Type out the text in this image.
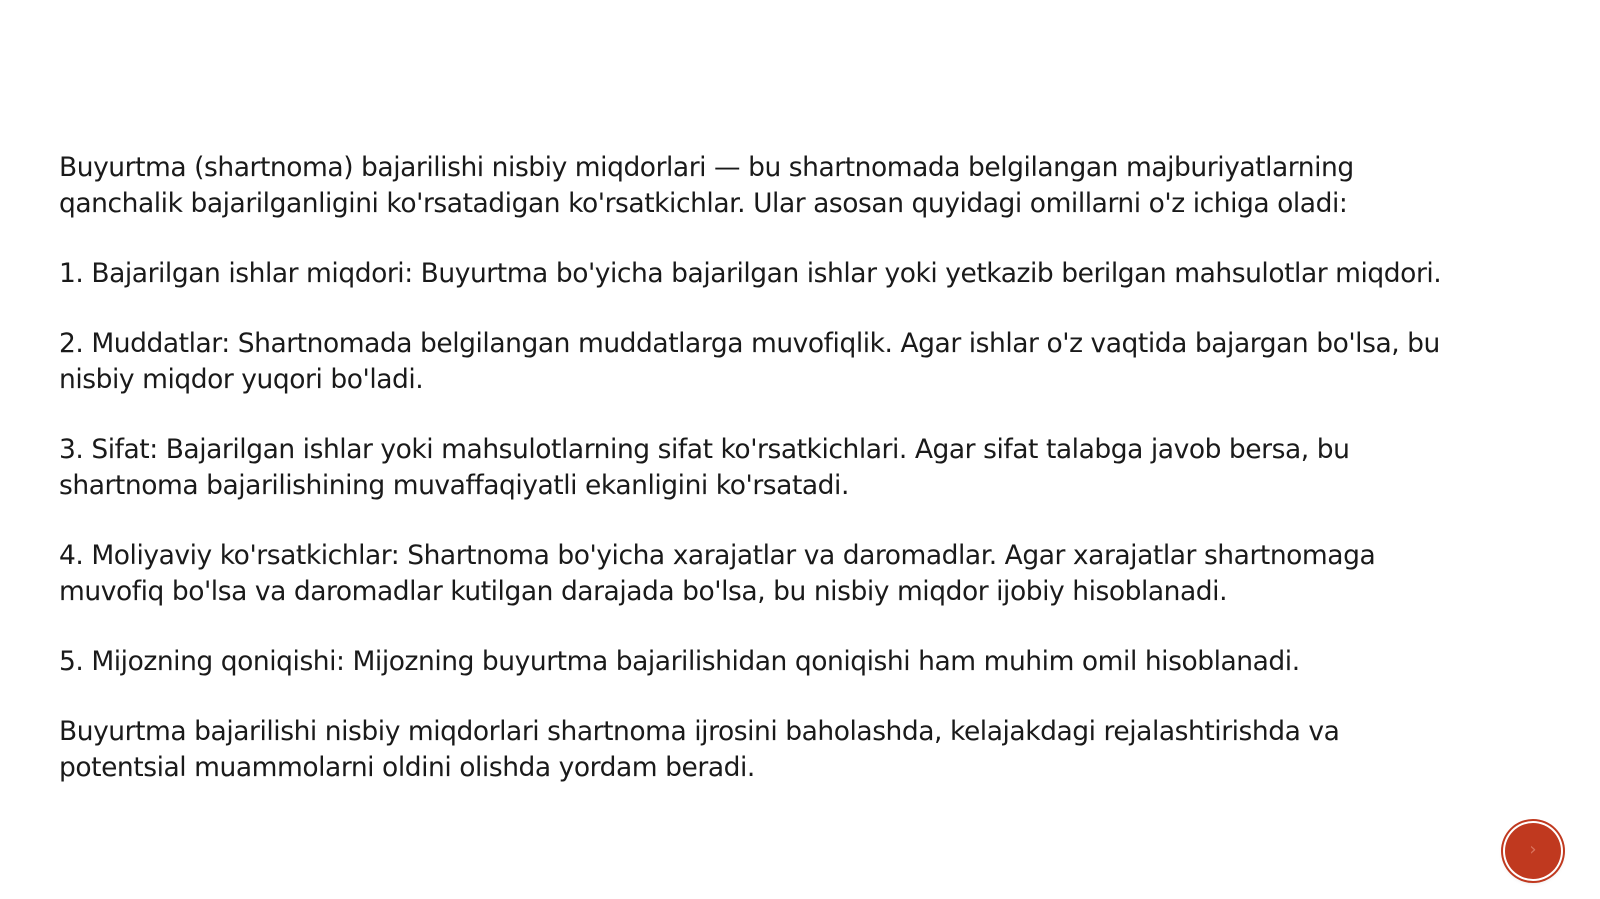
Buyurtma (shartnoma) bajarilishi nisbiy miqdorlari — bu shartnomada belgilangan majburiyatlarning
qanchalik bajarilganligini ko'rsatadigan ko'rsatkichlar. Ular asosan quyidagi omillarni o'z ichiga oladi:

1. Bajarilgan ishlar miqdori: Buyurtma bo'yicha bajarilgan ishlar yoki yetkazib berilgan mahsulotlar miqdori.

2. Muddatlar: Shartnomada belgilangan muddatlarga muvofiqlik. Agar ishlar o'z vaqtida bajargan bo'lsa, bu
nisbiy miqdor yuqori bo'ladi.

3. Sifat: Bajarilgan ishlar yoki mahsulotlarning sifat ko'rsatkichlari. Agar sifat talabga javob bersa, bu
shartnoma bajarilishining muvaffaqiyatli ekanligini ko'rsatadi.

4. Moliyaviy ko'rsatkichlar: Shartnoma bo'yicha xarajatlar va daromadlar. Agar xarajatlar shartnomaga
muvofiq bo'lsa va daromadlar kutilgan darajada bo'lsa, bu nisbiy miqdor ijobiy hisoblanadi.

5. Mijozning qoniqishi: Mijozning buyurtma bajarilishidan qoniqishi ham muhim omil hisoblanadi.

Buyurtma bajarilishi nisbiy miqdorlari shartnoma ijrosini baholashda, kelajakdagi rejalashtirishda va
potentsial muammolarni oldini olishda yordam beradi.

›
